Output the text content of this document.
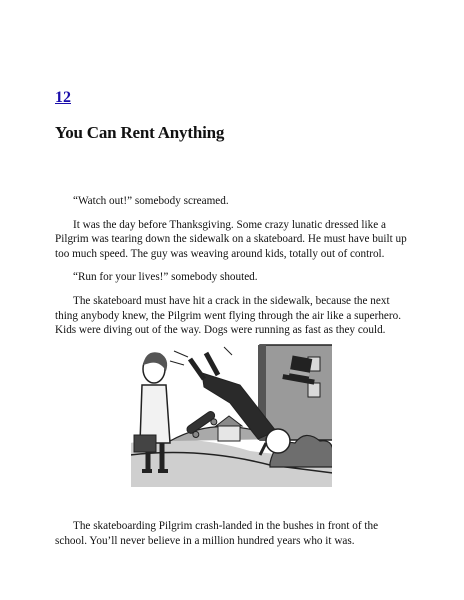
12
You Can Rent Anything

“Watch out!” somebody screamed.

It was the day before Thanksgiving. Some crazy lunatic dressed like a Pilgrim was tearing down the sidewalk on a skateboard. He must have built up too much speed. The guy was weaving around kids, totally out of control.

“Run for your lives!” somebody shouted.

The skateboard must have hit a crack in the sidewalk, because the next thing anybody knew, the Pilgrim went flying through the air like a superhero. Kids were diving out of the way. Dogs were running as fast as they could.

The skateboarding Pilgrim crash-landed in the bushes in front of the school. You’ll never believe in a million hundred years who it was.
